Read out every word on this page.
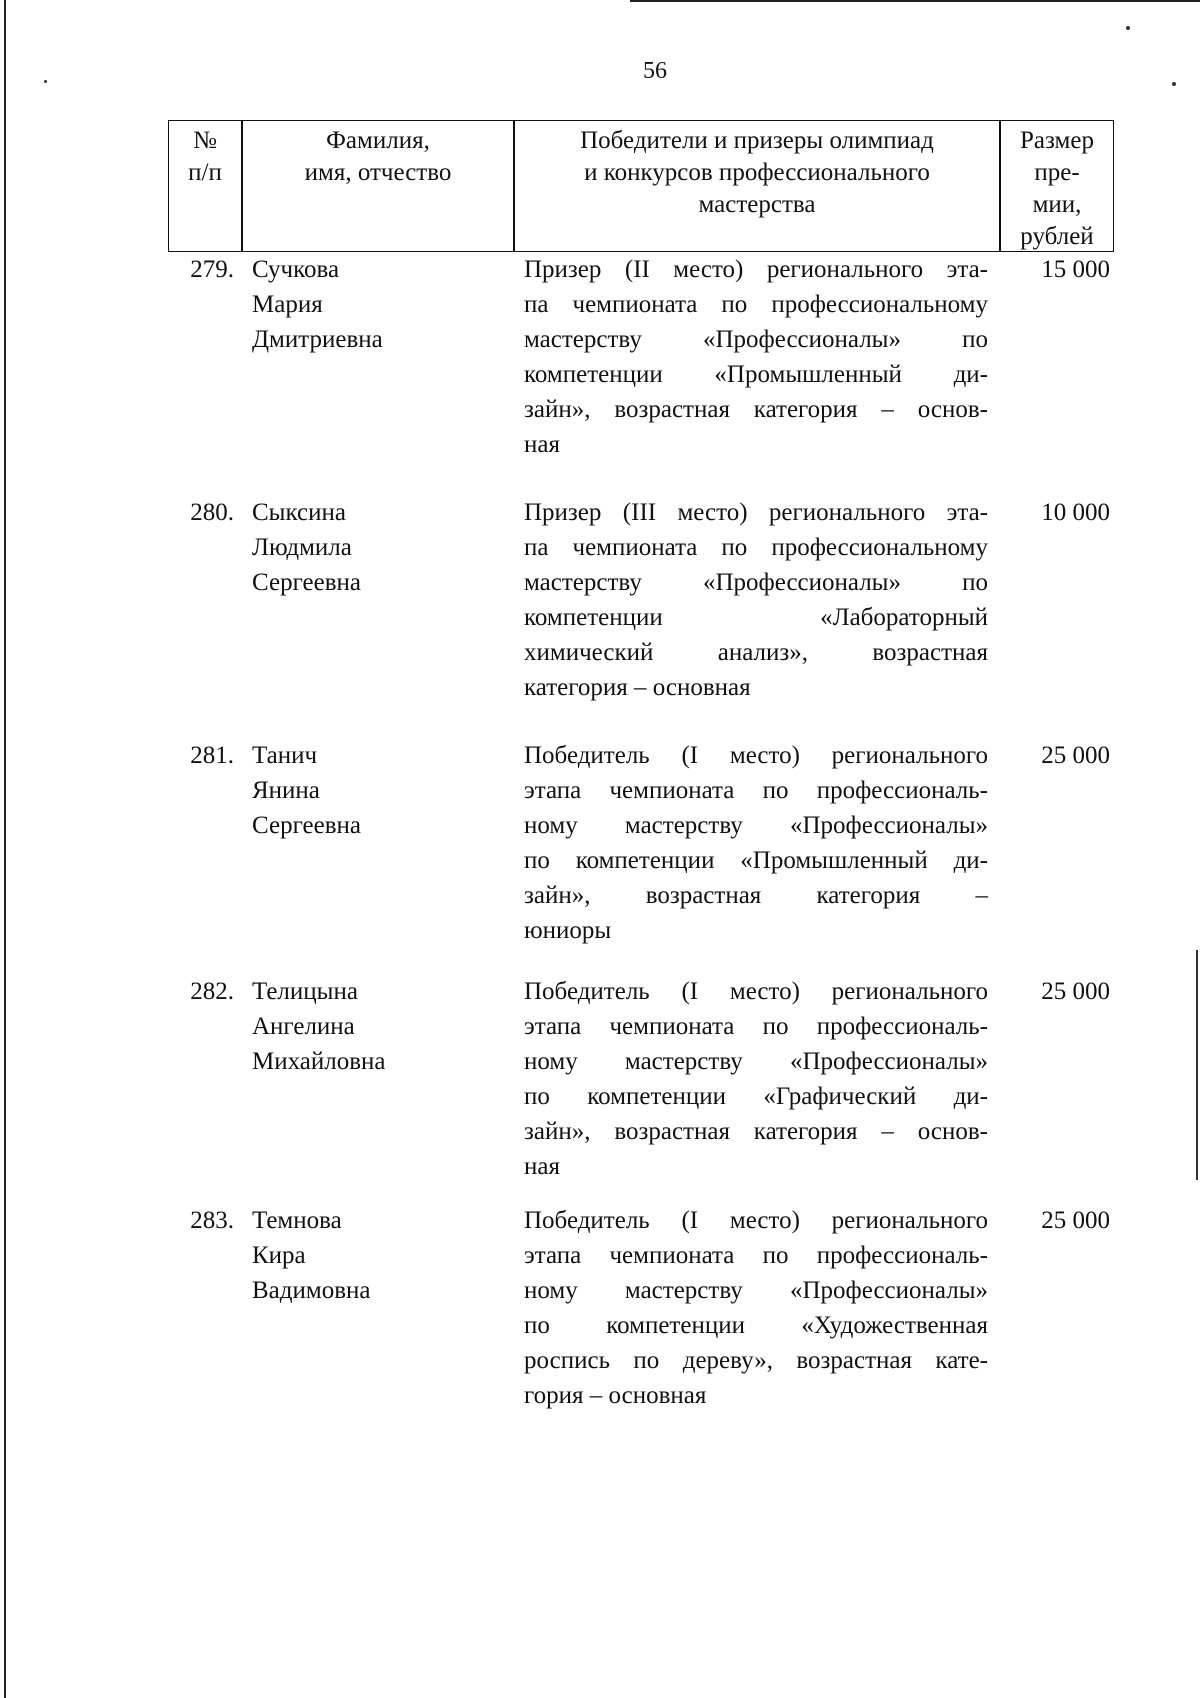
56
№
п/п
Фамилия,
имя, отчество
Победители и призеры олимпиад
и конкурсов профессионального
мастерства
Размер
пре-
мии,
рублей
279. Сучкова
Мария
Дмитриевна
Призер (II место) регионального эта-
па чемпионата по профессиональному
мастерству «Профессионалы» по
компетенции «Промышленный ди-
зайн», возрастная категория – основ-
ная
15 000
280. Сыксина
Людмила
Сергеевна
Призер (III место) регионального эта-
па чемпионата по профессиональному
мастерству «Профессионалы» по
компетенции «Лабораторный
химический анализ», возрастная
категория – основная
10 000
281. Танич
Янина
Сергеевна
Победитель (I место) регионального
этапа чемпионата по профессиональ-
ному мастерству «Профессионалы»
по компетенции «Промышленный ди-
зайн», возрастная категория –
юниоры
25 000
282. Телицына
Ангелина
Михайловна
Победитель (I место) регионального
этапа чемпионата по профессиональ-
ному мастерству «Профессионалы»
по компетенции «Графический ди-
зайн», возрастная категория – основ-
ная
25 000
283. Темнова
Кира
Вадимовна
Победитель (I место) регионального
этапа чемпионата по профессиональ-
ному мастерству «Профессионалы»
по компетенции «Художественная
роспись по дереву», возрастная кате-
гория – основная
25 000
